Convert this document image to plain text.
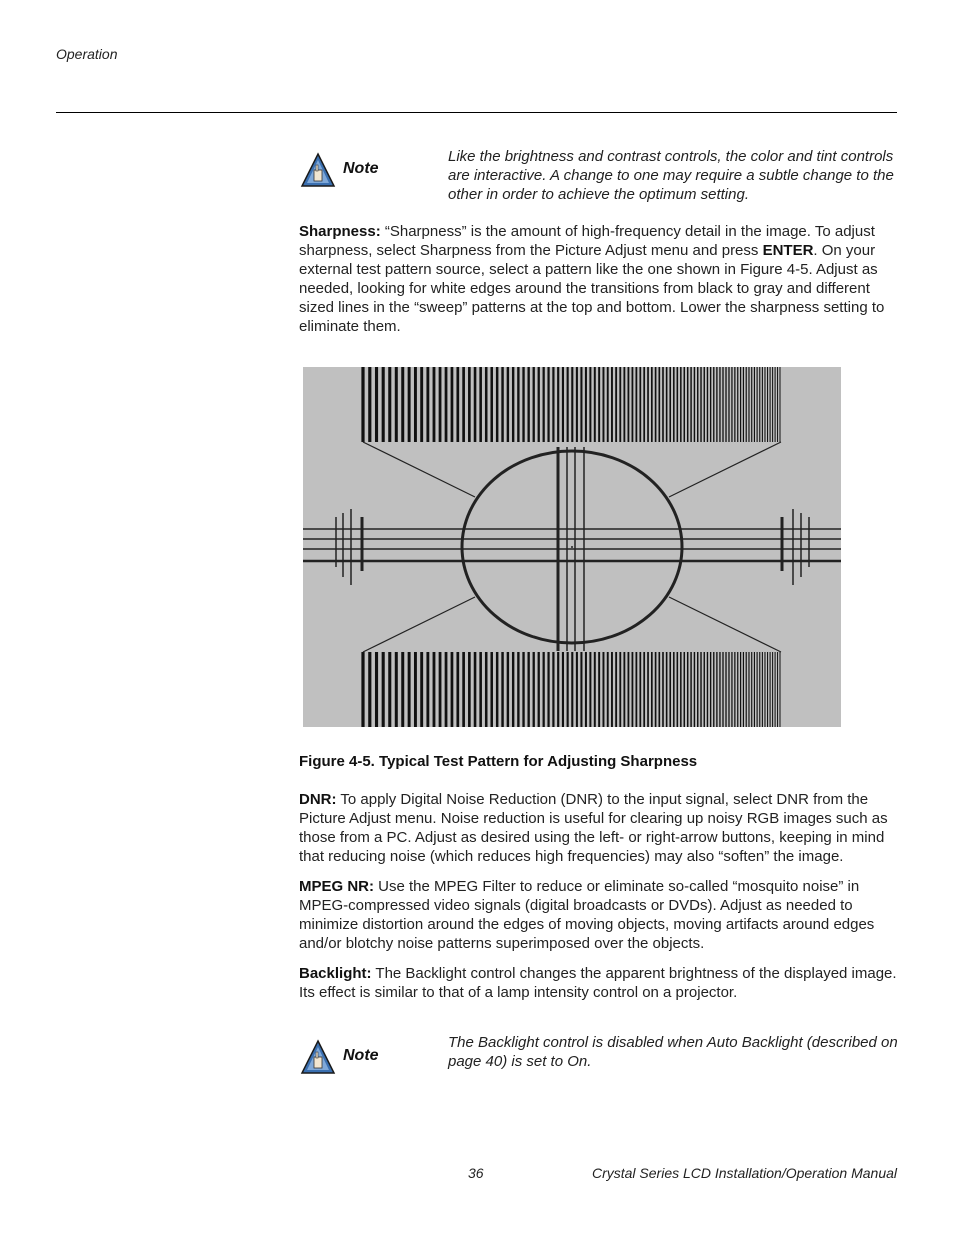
Operation
Note
Like the brightness and contrast controls, the color and tint controls are interactive. A change to one may require a subtle change to the other in order to achieve the optimum setting.
Sharpness: “Sharpness” is the amount of high-frequency detail in the image. To adjust sharpness, select Sharpness from the Picture Adjust menu and press ENTER. On your external test pattern source, select a pattern like the one shown in Figure 4-5. Adjust as needed, looking for white edges around the transitions from black to gray and different sized lines in the “sweep” patterns at the top and bottom. Lower the sharpness setting to eliminate them.
Figure 4-5. Typical Test Pattern for Adjusting Sharpness
DNR: To apply Digital Noise Reduction (DNR) to the input signal, select DNR from the Picture Adjust menu. Noise reduction is useful for clearing up noisy RGB images such as those from a PC. Adjust as desired using the left- or right-arrow buttons, keeping in mind that reducing noise (which reduces high frequencies) may also “soften” the image.
MPEG NR: Use the MPEG Filter to reduce or eliminate so-called “mosquito noise” in MPEG-compressed video signals (digital broadcasts or DVDs). Adjust as needed to minimize distortion around the edges of moving objects, moving artifacts around edges and/or blotchy noise patterns superimposed over the objects.
Backlight: The Backlight control changes the apparent brightness of the displayed image. Its effect is similar to that of a lamp intensity control on a projector.
Note
The Backlight control is disabled when Auto Backlight (described on page 40) is set to On.
36	Crystal Series LCD Installation/Operation Manual
